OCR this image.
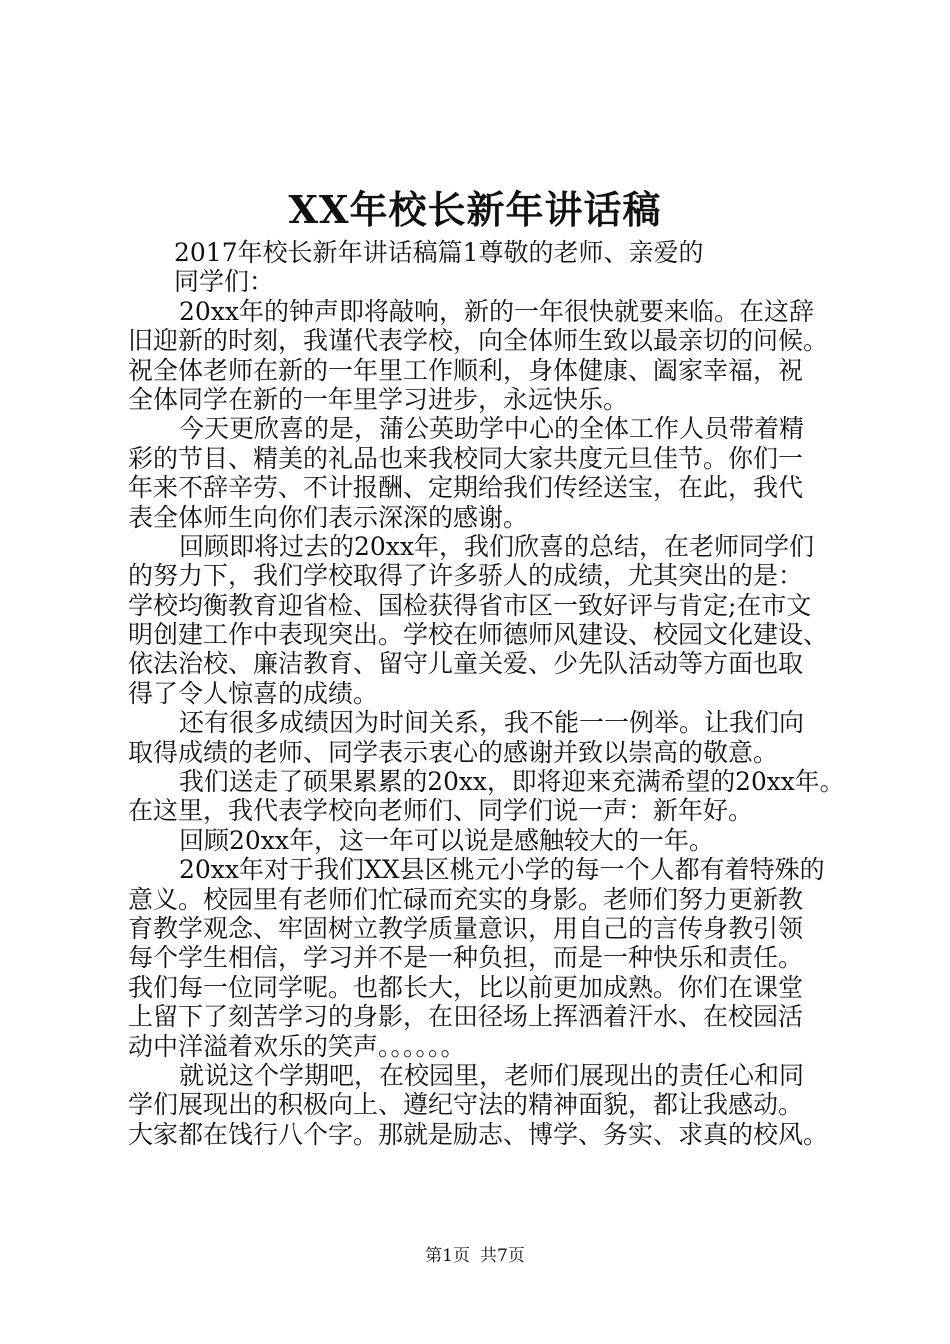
XX年校长新年讲话稿
2017年校长新年讲话稿篇1尊敬的老师、亲爱的
同学们：
20xx年的钟声即将敲响，新的一年很快就要来临。在这辞
旧迎新的时刻，我谨代表学校，向全体师生致以最亲切的问候。
祝全体老师在新的一年里工作顺利，身体健康、阖家幸福，祝
全体同学在新的一年里学习进步，永远快乐。
今天更欣喜的是，蒲公英助学中心的全体工作人员带着精
彩的节目、精美的礼品也来我校同大家共度元旦佳节。你们一
年来不辞辛劳、不计报酬、定期给我们传经送宝，在此，我代
表全体师生向你们表示深深的感谢。
回顾即将过去的20xx年，我们欣喜的总结，在老师同学们
的努力下，我们学校取得了许多骄人的成绩，尤其突出的是：
学校均衡教育迎省检、国检获得省市区一致好评与肯定;在市文
明创建工作中表现突出。学校在师德师风建设、校园文化建设、
依法治校、廉洁教育、留守儿童关爱、少先队活动等方面也取
得了令人惊喜的成绩。
还有很多成绩因为时间关系，我不能一一例举。让我们向
取得成绩的老师、同学表示衷心的感谢并致以崇高的敬意。
我们送走了硕果累累的20xx，即将迎来充满希望的20xx年。
在这里，我代表学校向老师们、同学们说一声：新年好。
回顾20xx年，这一年可以说是感触较大的一年。
20xx年对于我们XX县区桃元小学的每一个人都有着特殊的
意义。校园里有老师们忙碌而充实的身影。老师们努力更新教
育教学观念、牢固树立教学质量意识，用自己的言传身教引领
每个学生相信，学习并不是一种负担，而是一种快乐和责任。
我们每一位同学呢。也都长大，比以前更加成熟。你们在课堂
上留下了刻苦学习的身影，在田径场上挥洒着汗水、在校园活
动中洋溢着欢乐的笑声。。。。。。
就说这个学期吧，在校园里，老师们展现出的责任心和同
学们展现出的积极向上、遵纪守法的精神面貌，都让我感动。
大家都在饯行八个字。那就是励志、博学、务实、求真的校风。
第1页 共7页
